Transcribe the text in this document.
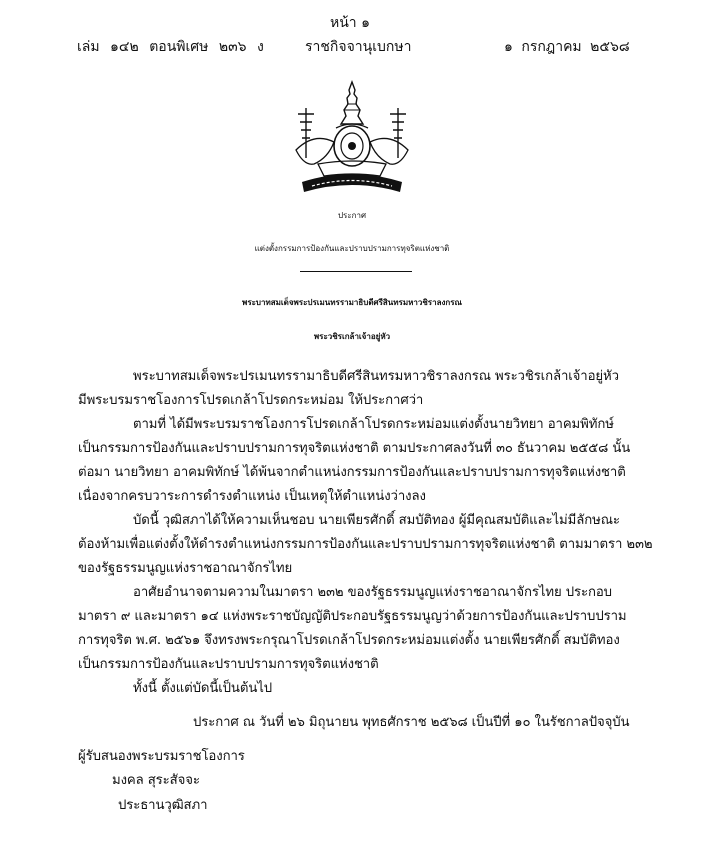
หน้า ๑
เล่ม ๑๔๒ ตอนพิเศษ ๒๓๖ ง	ราชกิจจานุเบกษา	๑ กรกฎาคม ๒๕๖๘
ประกาศ
แต่งตั้งกรรมการป้องกันและปราบปรามการทุจริตแห่งชาติ
พระบาทสมเด็จพระปรเมนทรรามาธิบดีศรีสินทรมหาวชิราลงกรณ
พระวชิรเกล้าเจ้าอยู่หัว
พระบาทสมเด็จพระปรเมนทรรามาธิบดีศรีสินทรมหาวชิราลงกรณ พระวชิรเกล้าเจ้าอยู่หัว
มีพระบรมราชโองการโปรดเกล้าโปรดกระหม่อม ให้ประกาศว่า
ตามที่ ได้มีพระบรมราชโองการโปรดเกล้าโปรดกระหม่อมแต่งตั้งนายวิทยา อาคมพิทักษ์
เป็นกรรมการป้องกันและปราบปรามการทุจริตแห่งชาติ ตามประกาศลงวันที่ ๓๐ ธันวาคม ๒๕๕๘ นั้น
ต่อมา นายวิทยา อาคมพิทักษ์ ได้พ้นจากตำแหน่งกรรมการป้องกันและปราบปรามการทุจริตแห่งชาติ
เนื่องจากครบวาระการดำรงตำแหน่ง เป็นเหตุให้ตำแหน่งว่างลง
บัดนี้ วุฒิสภาได้ให้ความเห็นชอบ นายเพียรศักดิ์ สมบัติทอง ผู้มีคุณสมบัติและไม่มีลักษณะ
ต้องห้ามเพื่อแต่งตั้งให้ดำรงตำแหน่งกรรมการป้องกันและปราบปรามการทุจริตแห่งชาติ ตามมาตรา ๒๓๒
ของรัฐธรรมนูญแห่งราชอาณาจักรไทย
อาศัยอำนาจตามความในมาตรา ๒๓๒ ของรัฐธรรมนูญแห่งราชอาณาจักรไทย ประกอบ
มาตรา ๙ และมาตรา ๑๔ แห่งพระราชบัญญัติประกอบรัฐธรรมนูญว่าด้วยการป้องกันและปราบปราม
การทุจริต พ.ศ. ๒๕๖๑ จึงทรงพระกรุณาโปรดเกล้าโปรดกระหม่อมแต่งตั้ง นายเพียรศักดิ์ สมบัติทอง
เป็นกรรมการป้องกันและปราบปรามการทุจริตแห่งชาติ
ทั้งนี้ ตั้งแต่บัดนี้เป็นต้นไป
ประกาศ ณ วันที่ ๒๖ มิถุนายน พุทธศักราช ๒๕๖๘ เป็นปีที่ ๑๐ ในรัชกาลปัจจุบัน
ผู้รับสนองพระบรมราชโองการ
มงคล สุระสัจจะ
ประธานวุฒิสภา
